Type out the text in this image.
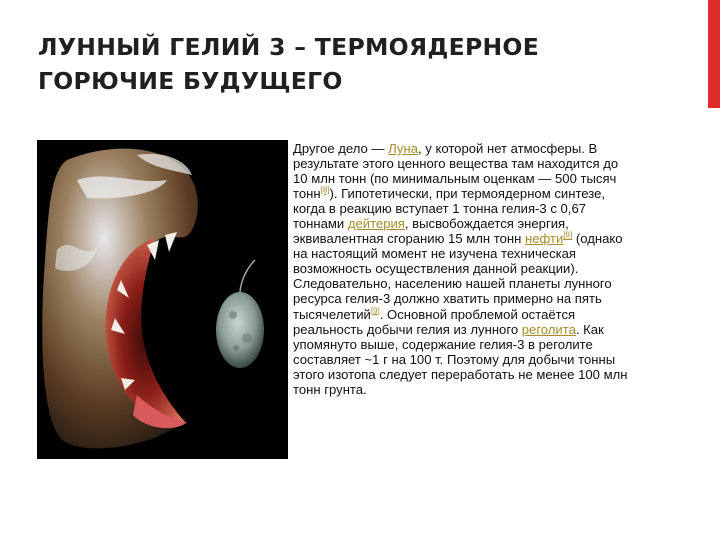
ЛУННЫЙ ГЕЛИЙ 3 – ТЕРМОЯДЕРНОЕ
ГОРЮЧИЕ БУДУЩЕГО

Другое дело — Луна, у которой нет атмосферы. В результате этого ценного вещества там находится до 10 млн тонн (по минимальным оценкам — 500 тысяч тонн[8]). Гипотетически, при термоядерном синтезе, когда в реакцию вступает 1 тонна гелия-3 с 0,67 тоннами дейтерия, высвобождается энергия, эквивалентная сгоранию 15 млн тонн нефти[9] (однако на настоящий момент не изучена техническая возможность осуществления данной реакции). Следовательно, населению нашей планеты лунного ресурса гелия-3 должно хватить примерно на пять тысячелетий[9]. Основной проблемой остаётся реальность добычи гелия из лунного реголита. Как упомянуто выше, содержание гелия-3 в реголите составляет ~1 г на 100 т. Поэтому для добычи тонны этого изотопа следует переработать не менее 100 млн тонн грунта.
